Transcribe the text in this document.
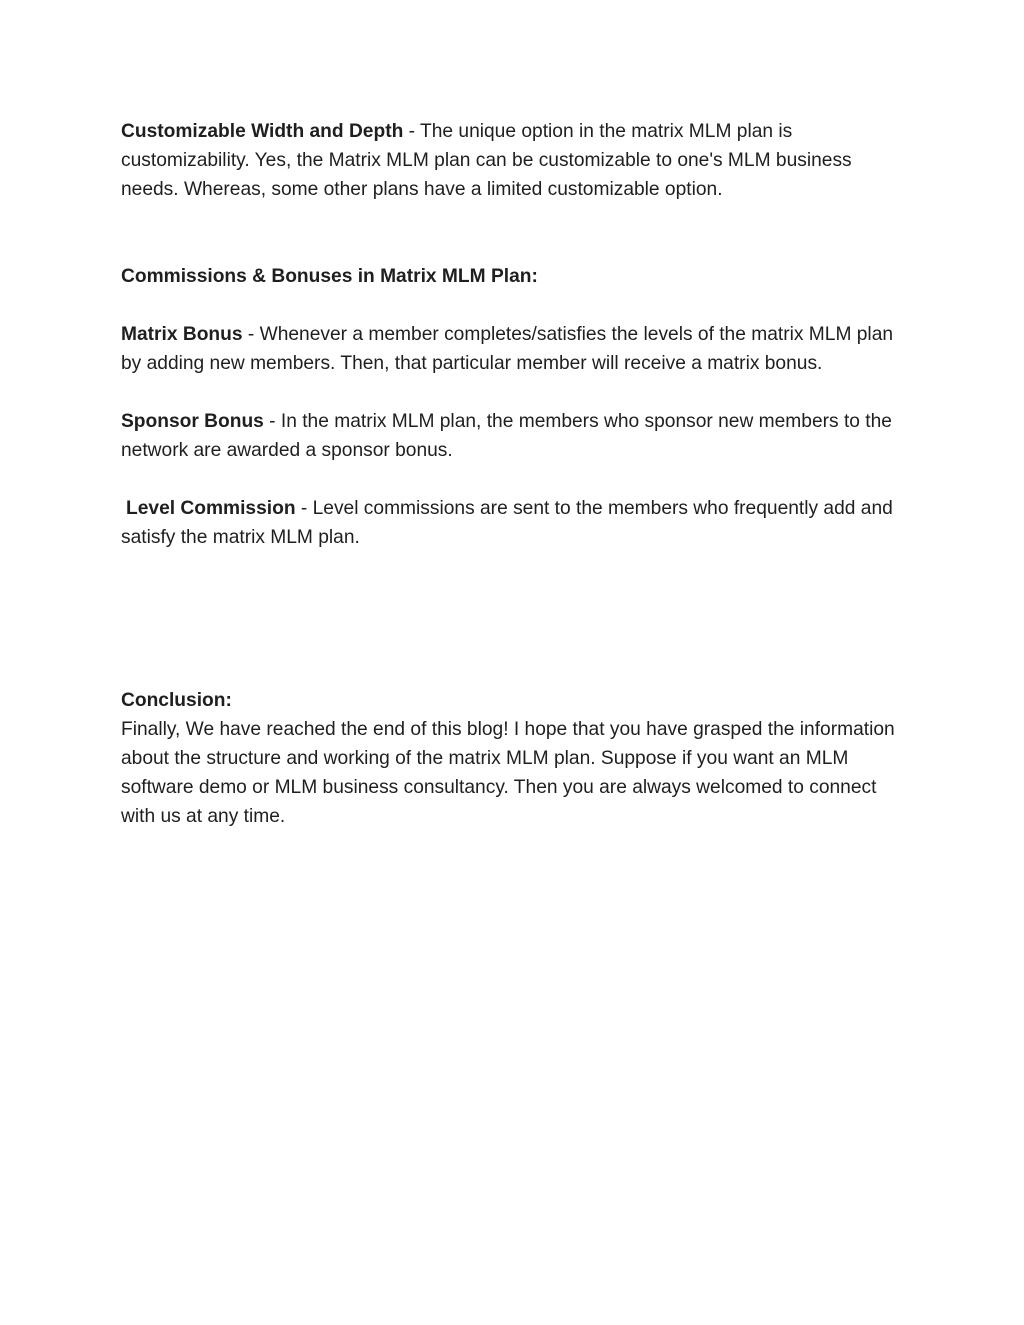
Customizable Width and Depth - The unique option in the matrix MLM plan is customizability. Yes, the Matrix MLM plan can be customizable to one's MLM business needs. Whereas, some other plans have a limited customizable option.

Commissions & Bonuses in Matrix MLM Plan:

Matrix Bonus - Whenever a member completes/satisfies the levels of the matrix MLM plan by adding new members. Then, that particular member will receive a matrix bonus.

Sponsor Bonus - In the matrix MLM plan, the members who sponsor new members to the network are awarded a sponsor bonus.

Level Commission - Level commissions are sent to the members who frequently add and satisfy the matrix MLM plan.

Conclusion:

Finally, We have reached the end of this blog! I hope that you have grasped the information about the structure and working of the matrix MLM plan. Suppose if you want an MLM software demo or MLM business consultancy. Then you are always welcomed to connect with us at any time.
